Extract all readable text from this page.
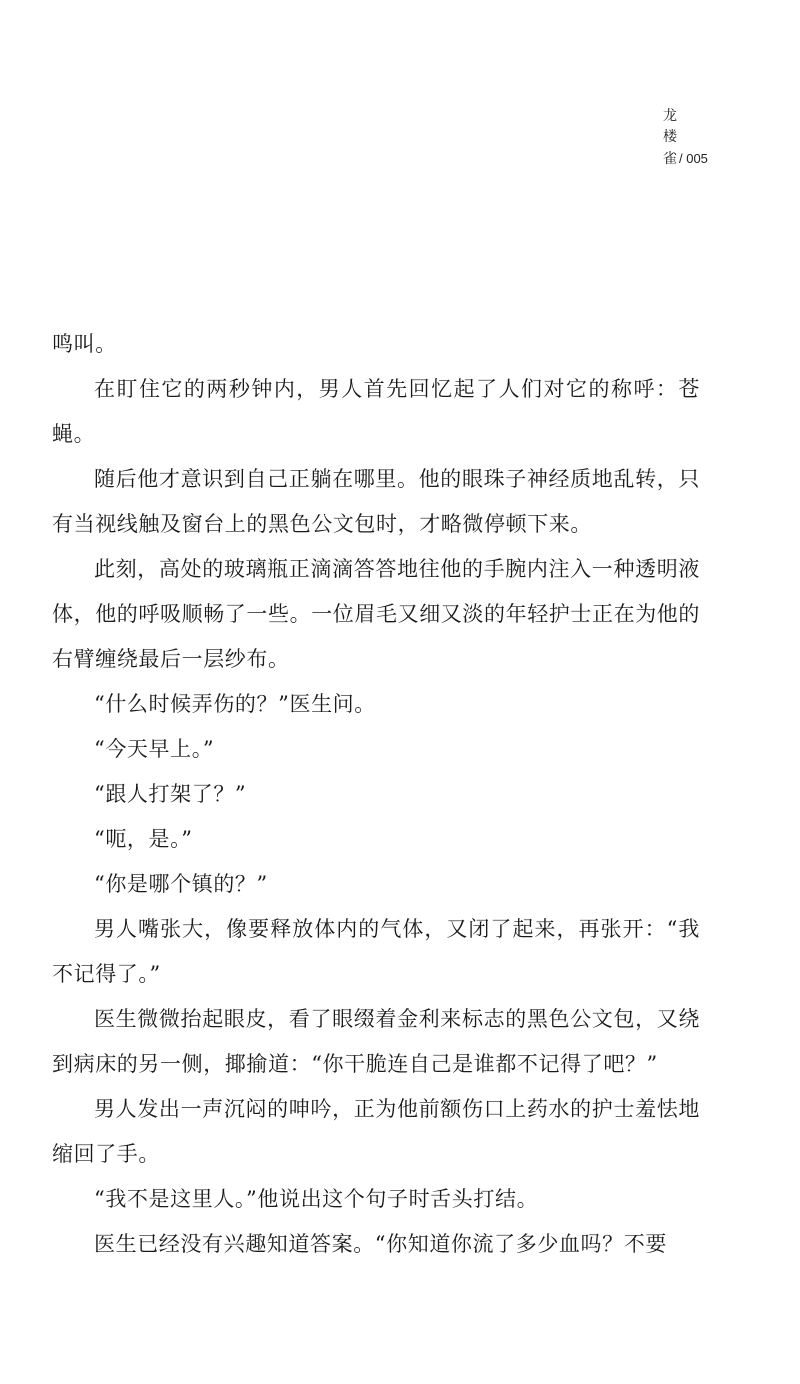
龙
楼
雀 / 005

鸣叫。

在盯住它的两秒钟内，男人首先回忆起了人们对它的称呼：苍蝇。

随后他才意识到自己正躺在哪里。他的眼珠子神经质地乱转，只有当视线触及窗台上的黑色公文包时，才略微停顿下来。

此刻，高处的玻璃瓶正滴滴答答地往他的手腕内注入一种透明液体，他的呼吸顺畅了一些。一位眉毛又细又淡的年轻护士正在为他的右臂缠绕最后一层纱布。

“什么时候弄伤的？”医生问。

“今天早上。”

“跟人打架了？”

“呃，是。”

“你是哪个镇的？”

男人嘴张大，像要释放体内的气体，又闭了起来，再张开：“我不记得了。”

医生微微抬起眼皮，看了眼缀着金利来标志的黑色公文包，又绕到病床的另一侧，揶揄道：“你干脆连自己是谁都不记得了吧？”

男人发出一声沉闷的呻吟，正为他前额伤口上药水的护士羞怯地缩回了手。

“我不是这里人。”他说出这个句子时舌头打结。

医生已经没有兴趣知道答案。“你知道你流了多少血吗？不要
